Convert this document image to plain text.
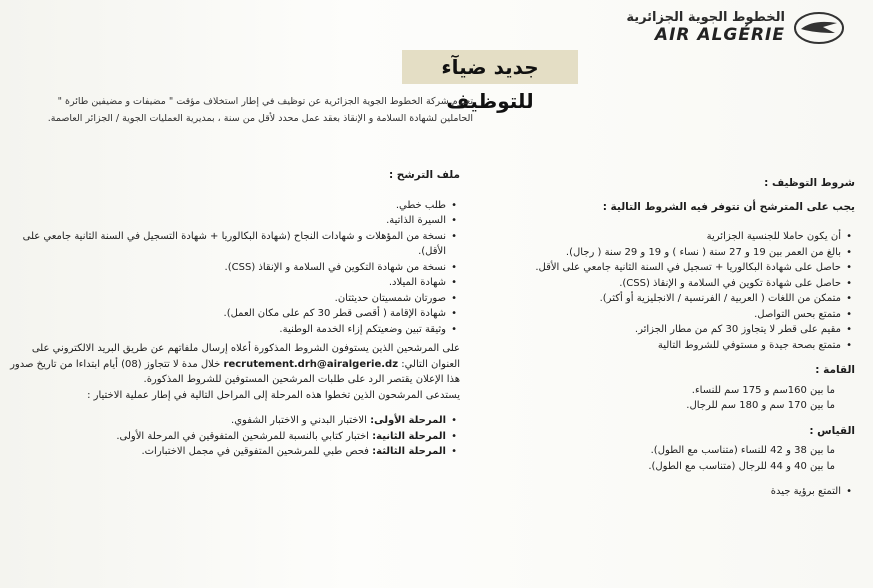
الخطوط الجوية الجزائرية
AIR ALGÉRIE
جديد ضيآء للتوظيف
تعتزم شركة الخطوط الجوية الجزائرية عن توظيف في إطار استخلاف مؤقت " مضيفات و مضيفين طائرة " الحاملين لشهادة السلامة و الإنقاذ بعقد عمل محدد لأقل من سنة ، بمديرية العمليات الجوية / الجزائر العاصمة.
شروط التوظيف :
يجب على المترشح أن تتوفر فيه الشروط التالية :
• أن يكون حاملا للجنسية الجزائرية
• بالغ من العمر بين 19 و 27 سنة ( نساء ) و 19 و 29 سنة ( رجال).
• حاصل على شهادة البكالوريا + تسجيل في السنة الثانية جامعي على الأقل.
• حاصل على شهادة تكوين في السلامة و الإنقاذ (CSS).
• متمكن من اللغات ( العربية / الفرنسية / الانجليزية أو أكثر).
• متمتع بحس التواصل.
• مقيم على قطر لا يتجاوز 30 كم من مطار الجزائر.
• متمتع بصحة جيدة و مستوفي للشروط التالية
القامة :
ما بين 160سم و 175 سم للنساء.
ما بين 170 سم و 180 سم للرجال.
القياس :
ما بين 38 و 42 للنساء (متناسب مع الطول).
ما بين 40 و 44 للرجال (متناسب مع الطول).
• التمتع برؤية جيدة
ملف الترشح :
• طلب خطي.
• السيرة الذاتية.
• نسخة من المؤهلات و شهادات النجاح (شهادة البكالوريا + شهادة التسجيل في السنة الثانية جامعي على الأقل).
• نسخة من شهادة التكوين في السلامة و الإنقاذ (CSS).
• شهادة الميلاد.
• صورتان شمسيتان حديثتان.
• شهادة الإقامة ( أقصى قطر 30 كم على مكان العمل).
• وثيقة تبين وضعيتكم إزاء الخدمة الوطنية.
على المرشحين الذين يستوفون الشروط المذكورة أعلاه إرسال ملفاتهم عن طريق البريد الالكتروني على العنوان التالي: recrutement.drh@airalgerie.dz خلال مدة لا تتجاوز (08) أيام ابتداءا من تاريخ صدور هذا الإعلان يقتصر الرد على طلبات المرشحين المستوفين للشروط المذكورة.
يستدعى المرشحون الذين تخطوا هذه المرحلة إلى المراحل التالية في إطار عملية الاختيار :
• المرحلة الأولى: الاختبار البدني و الاختبار الشفوي.
• المرحلة الثانية: اختبار كتابي بالنسبة للمرشحين المتفوقين في المرحلة الأولى.
• المرحلة الثالثة: فحص طبي للمرشحين المتفوقين في مجمل الاختبارات.
